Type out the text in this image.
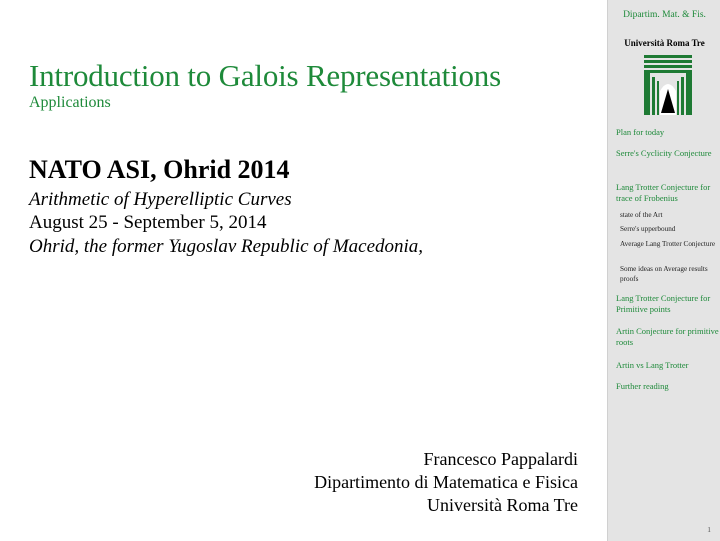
Introduction to Galois Representations
Applications
NATO ASI, Ohrid 2014
Arithmetic of Hyperelliptic Curves
August 25 - September 5, 2014
Ohrid, the former Yugoslav Republic of Macedonia,
Francesco Pappalardi
Dipartimento di Matematica e Fisica
Università Roma Tre
Dipartim. Mat. & Fis.
Università Roma Tre
Plan for today
Serre's Cyclicity Conjecture
Lang Trotter Conjecture for trace of Frobenius
state of the Art
Serre's upperbound
Average Lang Trotter Conjecture
Some ideas on Average results proofs
Lang Trotter Conjecture for Primitive points
Artin Conjecture for primitive roots
Artin vs Lang Trotter
Further reading
1
